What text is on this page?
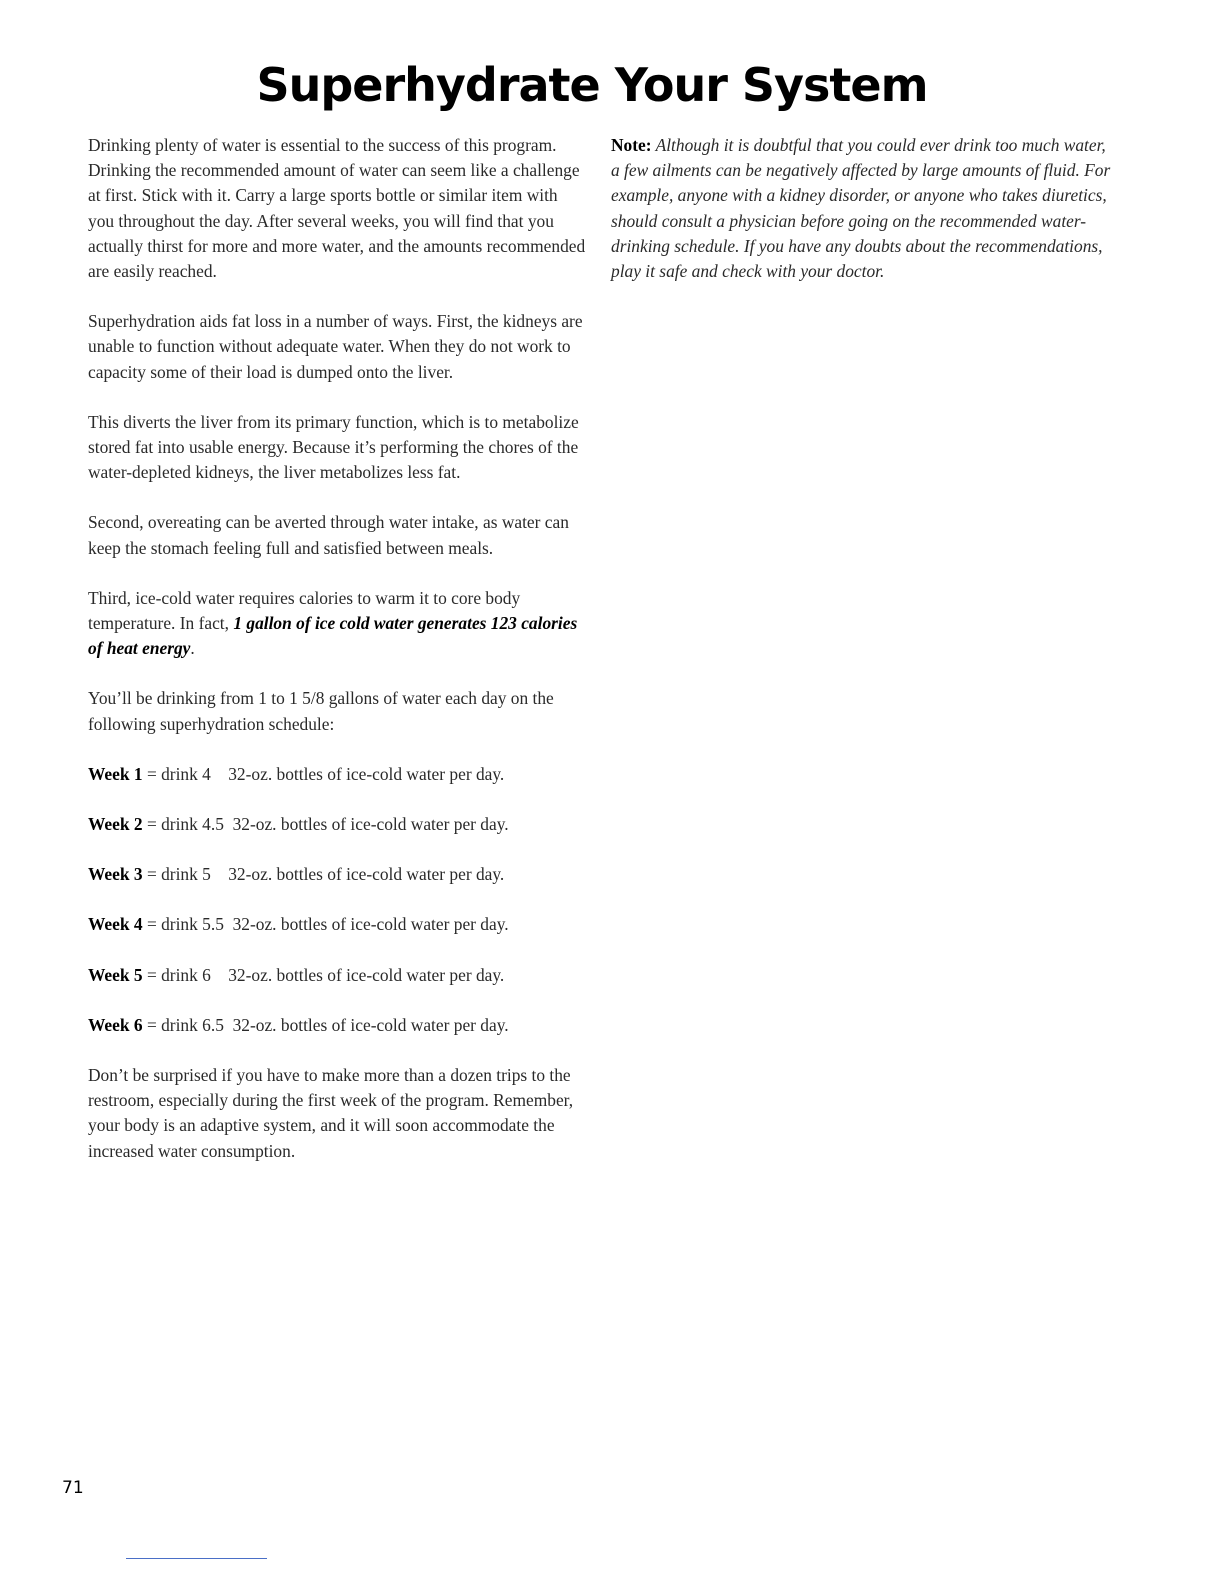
Superhydrate Your System

Drinking plenty of water is essential to the success of this program. Drinking the recommended amount of water can seem like a challenge at first. Stick with it. Carry a large sports bottle or similar item with you throughout the day. After several weeks, you will find that you actually thirst for more and more water, and the amounts recommended are easily reached.

Superhydration aids fat loss in a number of ways. First, the kidneys are unable to function without adequate water. When they do not work to capacity some of their load is dumped onto the liver.

This diverts the liver from its primary function, which is to metabolize stored fat into usable energy. Because it’s performing the chores of the water-depleted kidneys, the liver metabolizes less fat.

Second, overeating can be averted through water intake, as water can keep the stomach feeling full and satisfied between meals.

Third, ice-cold water requires calories to warm it to core body temperature. In fact, 1 gallon of ice cold water generates 123 calories of heat energy.

You’ll be drinking from 1 to 1 5/8 gallons of water each day on the following superhydration schedule:

Week 1 = drink 4    32-oz. bottles of ice-cold water per day.
Week 2 = drink 4.5  32-oz. bottles of ice-cold water per day.
Week 3 = drink 5    32-oz. bottles of ice-cold water per day.
Week 4 = drink 5.5  32-oz. bottles of ice-cold water per day.
Week 5 = drink 6    32-oz. bottles of ice-cold water per day.
Week 6 = drink 6.5  32-oz. bottles of ice-cold water per day.

Don’t be surprised if you have to make more than a dozen trips to the restroom, especially during the first week of the program. Remember, your body is an adaptive system, and it will soon accommodate the increased water consumption.

Note: Although it is doubtful that you could ever drink too much water, a few ailments can be negatively affected by large amounts of fluid. For example, anyone with a kidney disorder, or anyone who takes diuretics, should consult a physician before going on the recommended water-drinking schedule. If you have any doubts about the recommendations, play it safe and check with your doctor.

71
